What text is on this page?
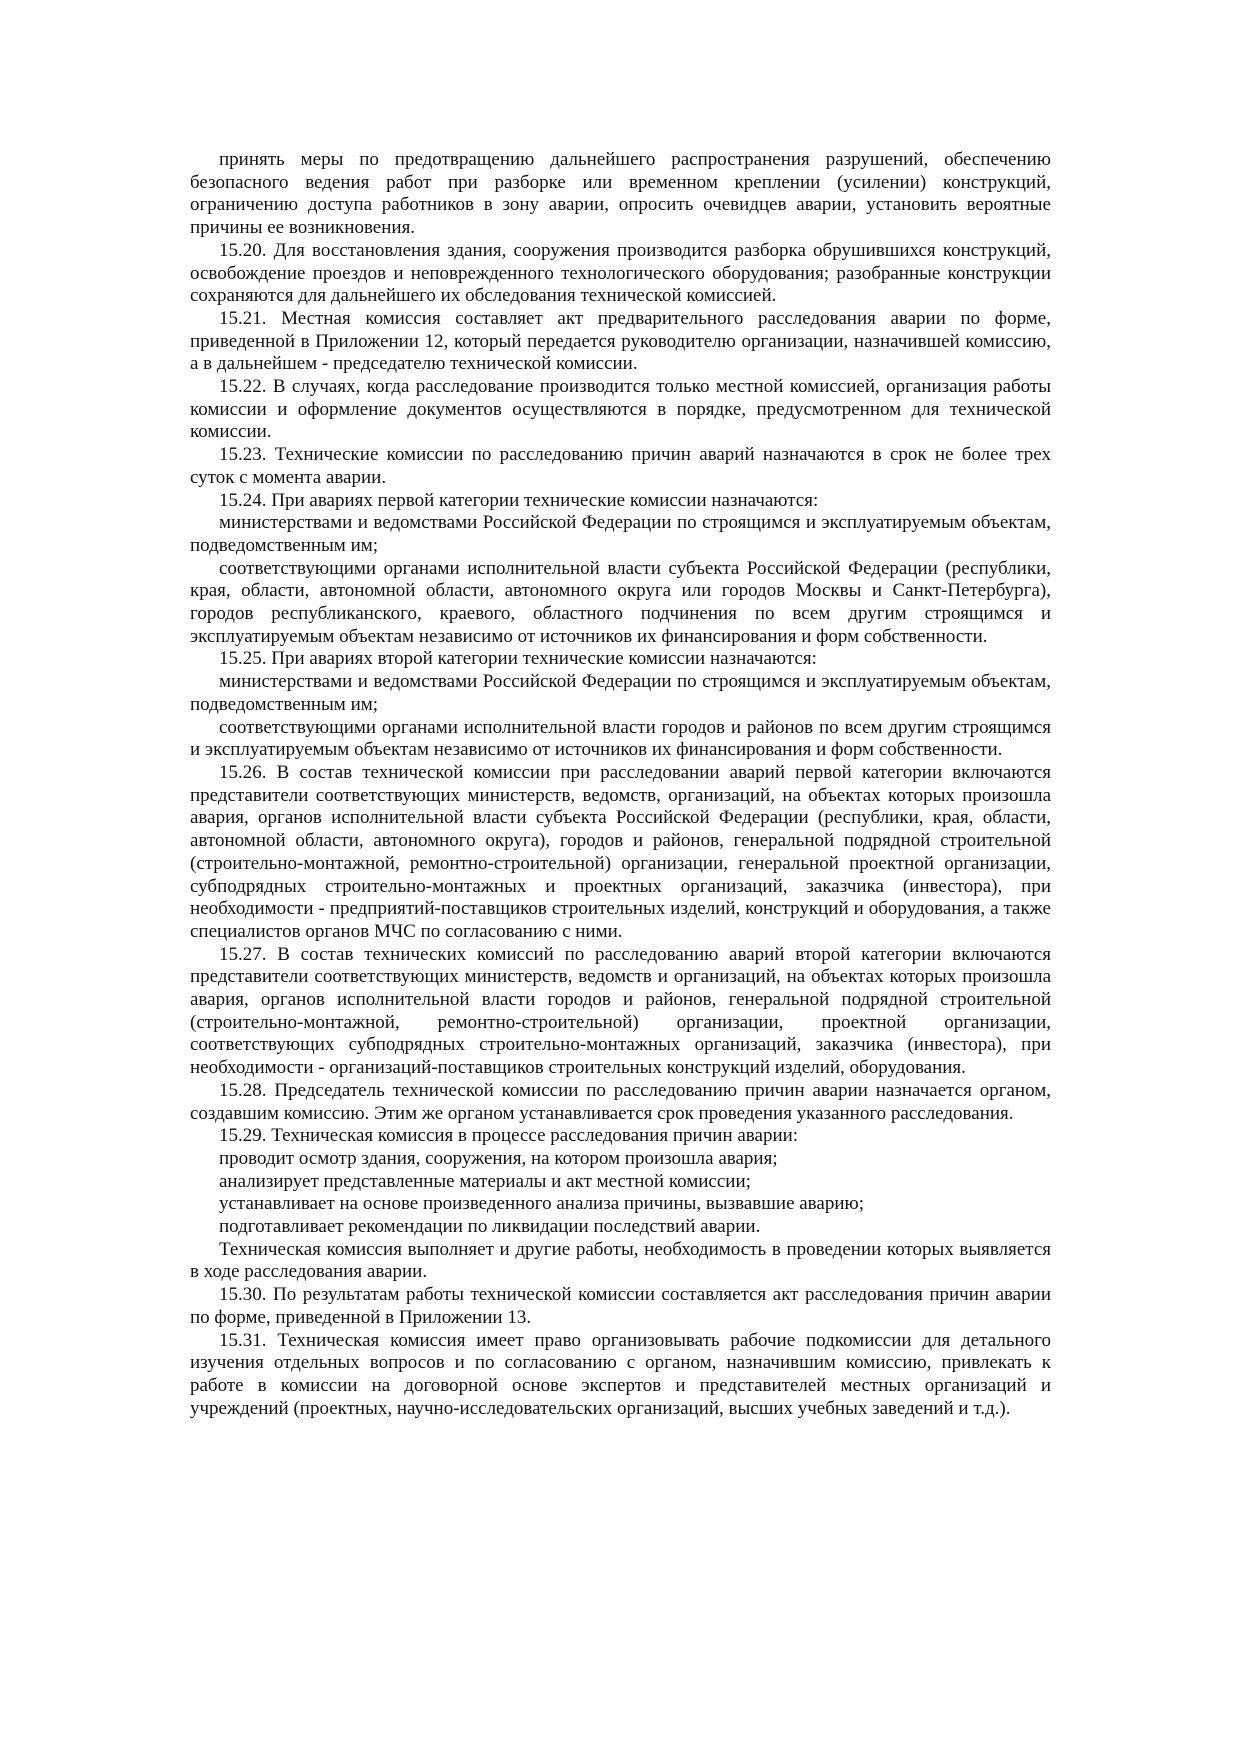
принять меры по предотвращению дальнейшего распространения разрушений, обеспечению безопасного ведения работ при разборке или временном креплении (усилении) конструкций, ограничению доступа работников в зону аварии, опросить очевидцев аварии, установить вероятные причины ее возникновения.

15.20. Для восстановления здания, сооружения производится разборка обрушившихся конструкций, освобождение проездов и неповрежденного технологического оборудования; разобранные конструкции сохраняются для дальнейшего их обследования технической комиссией.

15.21. Местная комиссия составляет акт предварительного расследования аварии по форме, приведенной в Приложении 12, который передается руководителю организации, назначившей комиссию, а в дальнейшем - председателю технической комиссии.

15.22. В случаях, когда расследование производится только местной комиссией, организация работы комиссии и оформление документов осуществляются в порядке, предусмотренном для технической комиссии.

15.23. Технические комиссии по расследованию причин аварий назначаются в срок не более трех суток с момента аварии.

15.24. При авариях первой категории технические комиссии назначаются:

министерствами и ведомствами Российской Федерации по строящимся и эксплуатируемым объектам, подведомственным им;

соответствующими органами исполнительной власти субъекта Российской Федерации (республики, края, области, автономной области, автономного округа или городов Москвы и Санкт-Петербурга), городов республиканского, краевого, областного подчинения по всем другим строящимся и эксплуатируемым объектам независимо от источников их финансирования и форм собственности.

15.25. При авариях второй категории технические комиссии назначаются:

министерствами и ведомствами Российской Федерации по строящимся и эксплуатируемым объектам, подведомственным им;

соответствующими органами исполнительной власти городов и районов по всем другим строящимся и эксплуатируемым объектам независимо от источников их финансирования и форм собственности.

15.26. В состав технической комиссии при расследовании аварий первой категории включаются представители соответствующих министерств, ведомств, организаций, на объектах которых произошла авария, органов исполнительной власти субъекта Российской Федерации (республики, края, области, автономной области, автономного округа), городов и районов, генеральной подрядной строительной (строительно-монтажной, ремонтно-строительной) организации, генеральной проектной организации, субподрядных строительно-монтажных и проектных организаций, заказчика (инвестора), при необходимости - предприятий-поставщиков строительных изделий, конструкций и оборудования, а также специалистов органов МЧС по согласованию с ними.

15.27. В состав технических комиссий по расследованию аварий второй категории включаются представители соответствующих министерств, ведомств и организаций, на объектах которых произошла авария, органов исполнительной власти городов и районов, генеральной подрядной строительной (строительно-монтажной, ремонтно-строительной) организации, проектной организации, соответствующих субподрядных строительно-монтажных организаций, заказчика (инвестора), при необходимости - организаций-поставщиков строительных конструкций изделий, оборудования.

15.28. Председатель технической комиссии по расследованию причин аварии назначается органом, создавшим комиссию. Этим же органом устанавливается срок проведения указанного расследования.

15.29. Техническая комиссия в процессе расследования причин аварии:

проводит осмотр здания, сооружения, на котором произошла авария;

анализирует представленные материалы и акт местной комиссии;

устанавливает на основе произведенного анализа причины, вызвавшие аварию;

подготавливает рекомендации по ликвидации последствий аварии.

Техническая комиссия выполняет и другие работы, необходимость в проведении которых выявляется в ходе расследования аварии.

15.30. По результатам работы технической комиссии составляется акт расследования причин аварии по форме, приведенной в Приложении 13.

15.31. Техническая комиссия имеет право организовывать рабочие подкомиссии для детального изучения отдельных вопросов и по согласованию с органом, назначившим комиссию, привлекать к работе в комиссии на договорной основе экспертов и представителей местных организаций и учреждений (проектных, научно-исследовательских организаций, высших учебных заведений и т.д.).
